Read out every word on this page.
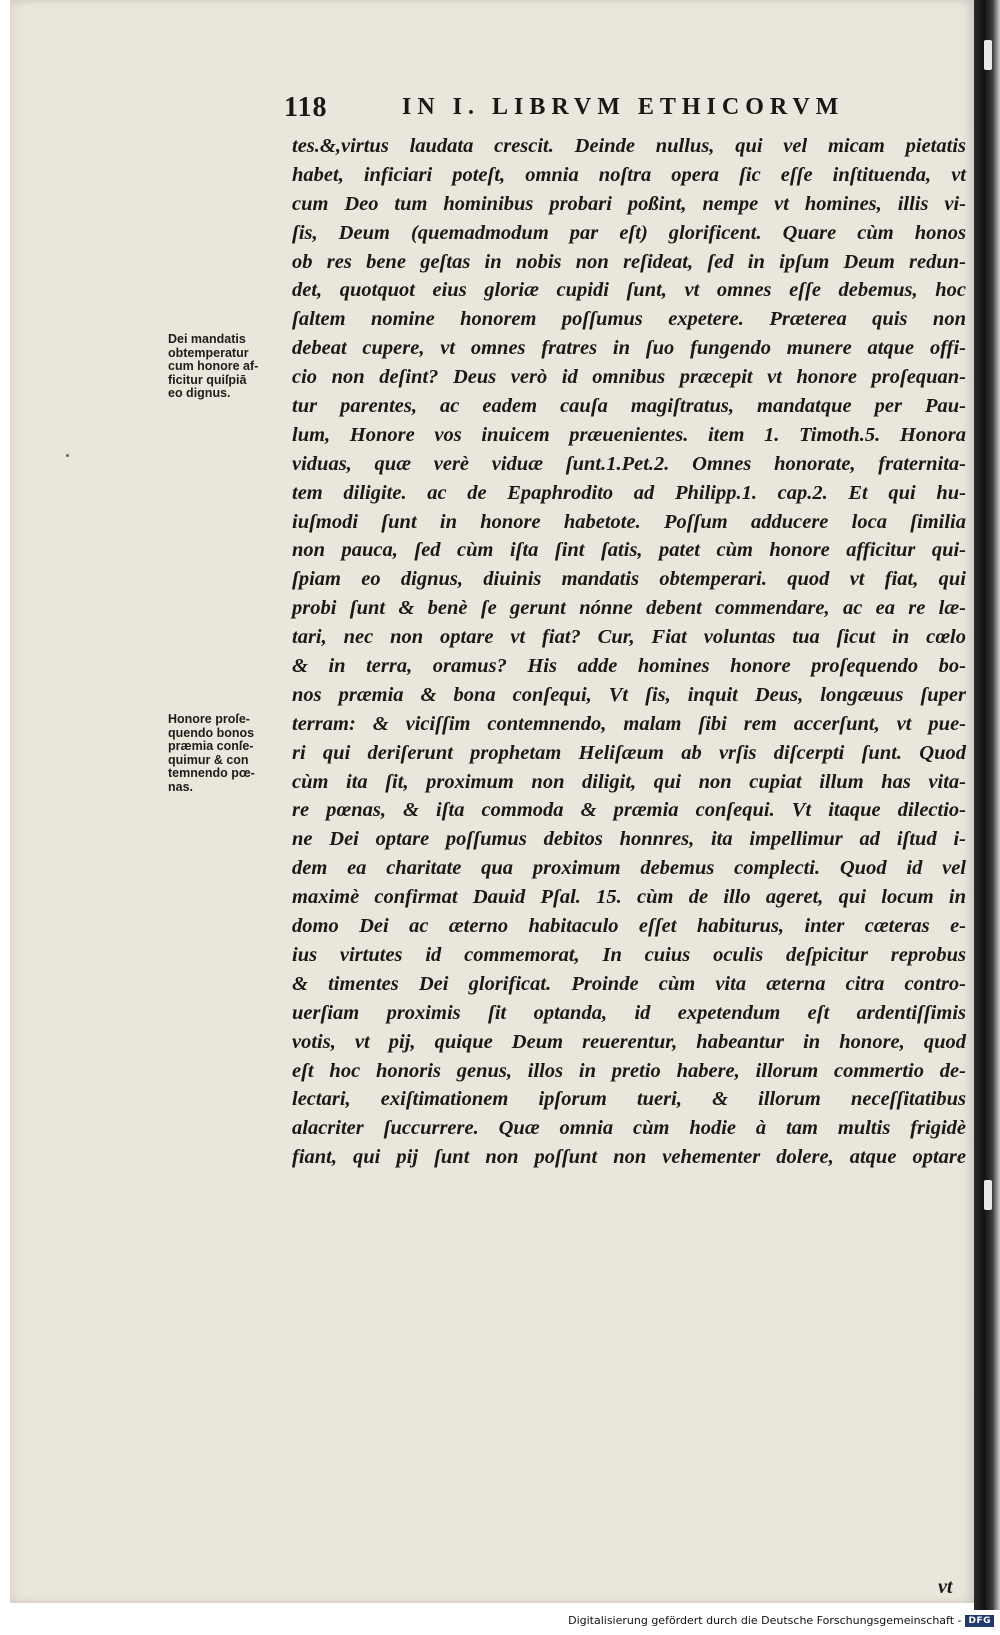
118	IN I. LIBRVM ETHICORVM
tes.&,virtus laudata crescit. Deinde nullus, qui vel micam pietatis
habet, inficiari poteſt, omnia noſtra opera ſic eſſe inſtituenda, vt
cum Deo tum hominibus probari poßint, nempe vt homines, illis vi-
ſis, Deum (quemadmodum par eſt) glorificent. Quare cùm honos
ob res bene geſtas in nobis non reſideat, ſed in ipſum Deum redun-
det, quotquot eius gloriæ cupidi ſunt, vt omnes eſſe debemus, hoc
ſaltem nomine honorem poſſumus expetere. Præterea quis non
debeat cupere, vt omnes fratres in ſuo fungendo munere atque offi-
cio non deſint? Deus verò id omnibus præcepit vt honore proſequan-
tur parentes, ac eadem cauſa magiſtratus, mandatque per Pau-
lum, Honore vos inuicem præuenientes. item 1. Timoth.5. Honora
viduas, quæ verè viduæ ſunt.1.Pet.2. Omnes honorate, fraternita-
tem diligite. ac de Epaphrodito ad Philipp.1. cap.2. Et qui hu-
iuſmodi ſunt in honore habetote. Poſſum adducere loca ſimilia
non pauca, ſed cùm iſta ſint ſatis, patet cùm honore afficitur qui-
ſpiam eo dignus, diuinis mandatis obtemperari. quod vt fiat, qui
probi ſunt & benè ſe gerunt nónne debent commendare, ac ea re læ-
tari, nec non optare vt fiat? Cur, Fiat voluntas tua ſicut in cœlo
& in terra, oramus? His adde homines honore proſequendo bo-
nos præmia & bona conſequi, Vt ſis, inquit Deus, longæuus ſuper
terram: & viciſſim contemnendo, malam ſibi rem accerſunt, vt pue-
ri qui deriſerunt prophetam Heliſæum ab vrſis diſcerpti ſunt. Quod
cùm ita ſit, proximum non diligit, qui non cupiat illum has vita-
re pœnas, & iſta commoda & præmia conſequi. Vt itaque dilectio-
ne Dei optare poſſumus debitos honnres, ita impellimur ad iſtud i-
dem ea charitate qua proximum debemus complecti. Quod id vel
maximè confirmat Dauid Pſal. 15. cùm de illo ageret, qui locum in
domo Dei ac æterno habitaculo eſſet habiturus, inter cæteras e-
ius virtutes id commemorat, In cuius oculis deſpicitur reprobus
& timentes Dei glorificat. Proinde cùm vita æterna citra contro-
uerſiam proximis ſit optanda, id expetendum eſt ardentiſſimis
votis, vt pij, quique Deum reuerentur, habeantur in honore, quod
eſt hoc honoris genus, illos in pretio habere, illorum commertio de-
lectari, exiſtimationem ipſorum tueri, & illorum neceſſitatibus
alacriter ſuccurrere. Quæ omnia cùm hodie à tam multis frigidè
fiant, qui pij ſunt non poſſunt non vehementer dolere, atque optare
Dei mandatis
obtemperatur
cum honore af-
ficitur quiſpiā
eo dignus.
Honore proſe-
quendo bonos
præmia conſe-
quimur & con
temnendo pœ-
nas.
vt
Digitalisierung gefördert durch die Deutsche Forschungsgemeinschaft - DFG
